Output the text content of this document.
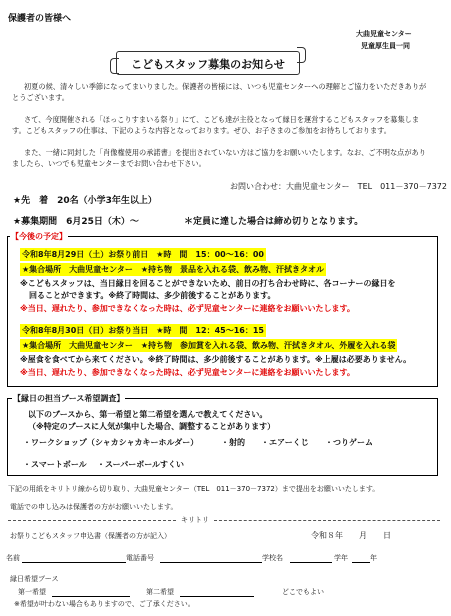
保護者の皆様へ
大曲児童センター
児童厚生員一同
こどもスタッフ募集のお知らせ
初夏の候、清々しい季節になってまいりました。保護者の皆様には、いつも児童センターへの理解とご協力をいただきありがとうございます。
さて、今度開催される「ほっこりすまいる祭り」にて、こども達が主役となって縁日を運営するこどもスタッフを募集します。こどもスタッフの仕事は、下記のような内容となっております。ぜひ、お子さまのご参加をお待ちしております。
また、一緒に同封した「肖像権使用の承諾書」を提出されていない方はご協力をお願いいたします。なお、ご不明な点がありましたら、いつでも児童センターまでお問い合わせ下さい。
お問い合わせ：大曲児童センター　TEL　011－370－7372
★先　着　20名（小学3年生以上）
★募集期間　6月25日（木）～	＊定員に達した場合は締め切りとなります。
【今後の予定】
令和8年8月29日（土）お祭り前日　★時　間　15：00～16：00
★集合場所　大曲児童センター　★持ち物　景品を入れる袋、飲み物、汗拭きタオル
※こどもスタッフは、当日縁日を回ることができないため、前日の打ち合わせ時に、各コーナーの縁日を
回ることができます。※終了時間は、多少前後することがあります。
※当日、遅れたり、参加できなくなった時は、必ず児童センターに連絡をお願いいたします。
令和8年8月30日（日）お祭り当日　★時　間　12：45～16：15
★集合場所　大曲児童センター　★持ち物　参加賞を入れる袋、飲み物、汗拭きタオル、外履を入れる袋
※屋食を食べてから来てください。※終了時間は、多少前後することがあります。※上履は必要ありません。
※当日、遅れたり、参加できなくなった時は、必ず児童センターに連絡をお願いいたします。
【縁日の担当ブース希望調査】
以下のブースから、第一希望と第二希望を選んで教えてください。
（※特定のブースに人気が集中した場合、調整することがあります）
・ワークショップ（シャカシャカキーホルダー）	・射的 ・エアーくじ ・つりゲーム
・スマートボール ・スーパーボールすくい
下記の用紙をキリトリ線から切り取り、大曲児童センター（TEL　011－370－7372）まで提出をお願いいたします。
電話での申し込みは保護者の方がお願いいたします。
キリトリ
お祭りこどもスタッフ申込書（保護者の方が記入）	令和８年　　月　　日
名前	電話番号	学校名	学年	年
縁日希望ブース
第一希望	第二希望	どこでもよい
※希望が叶わない場合もありますので、ご了承ください。
